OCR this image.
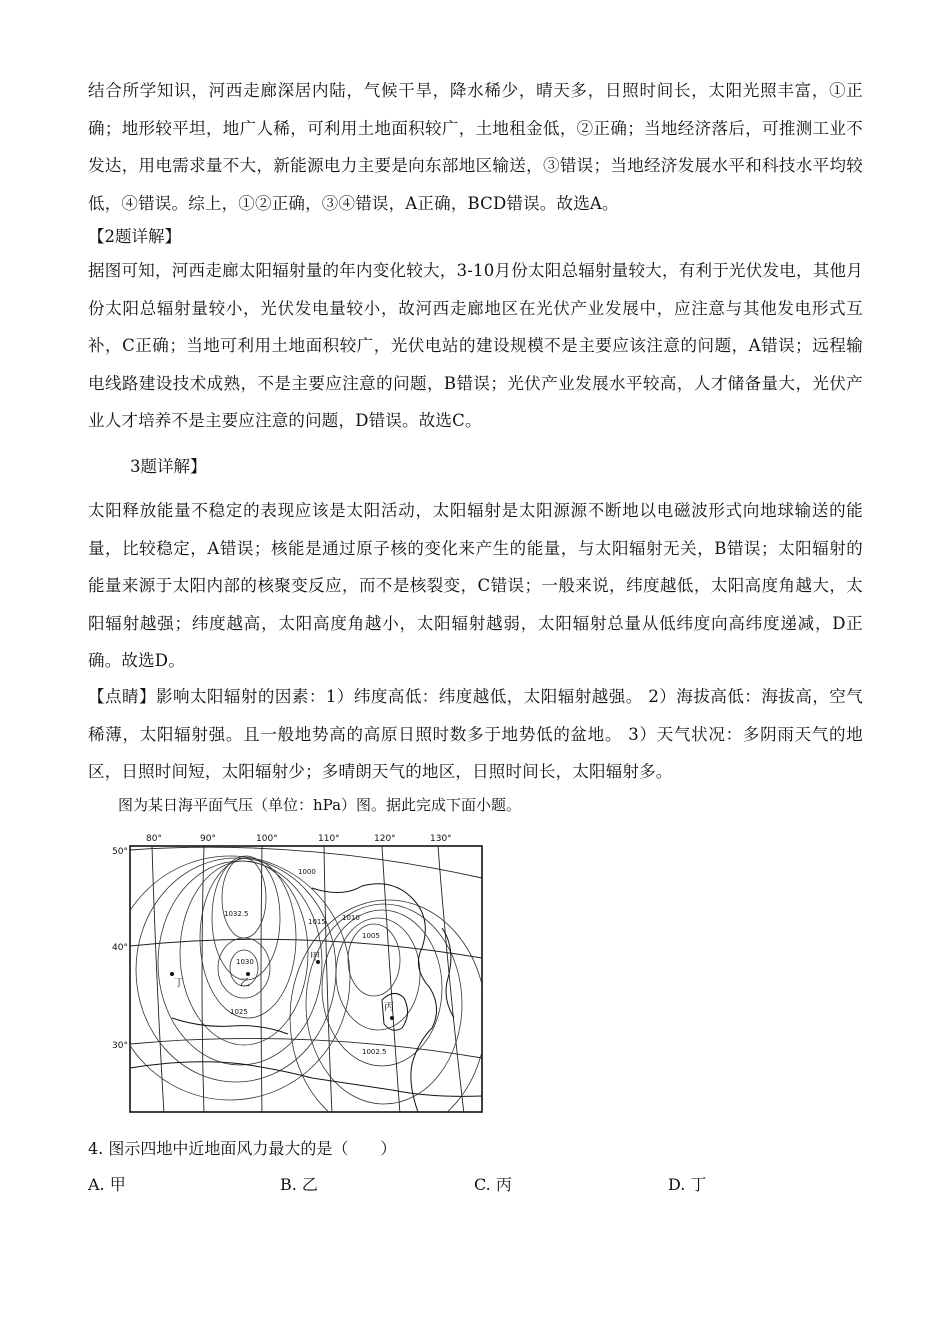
结合所学知识，河西走廊深居内陆，气候干旱，降水稀少，晴天多，日照时间长，太阳光照丰富，①正确；地形较平坦，地广人稀，可利用土地面积较广，土地租金低，②正确；当地经济落后，可推测工业不发达，用电需求量不大，新能源电力主要是向东部地区输送，③错误；当地经济发展水平和科技水平均较低，④错误。综上，①②正确，③④错误，A正确，BCD错误。故选A。
【2题详解】
据图可知，河西走廊太阳辐射量的年内变化较大，3-10月份太阳总辐射量较大，有利于光伏发电，其他月份太阳总辐射量较小，光伏发电量较小，故河西走廊地区在光伏产业发展中，应注意与其他发电形式互补，C正确；当地可利用土地面积较广，光伏电站的建设规模不是主要应该注意的问题，A错误；远程输电线路建设技术成熟，不是主要应注意的问题，B错误；光伏产业发展水平较高，人才储备量大，光伏产业人才培养不是主要应注意的问题，D错误。故选C。
3题详解】
太阳释放能量不稳定的表现应该是太阳活动，太阳辐射是太阳源源不断地以电磁波形式向地球输送的能量，比较稳定，A错误；核能是通过原子核的变化来产生的能量，与太阳辐射无关，B错误；太阳辐射的能量来源于太阳内部的核聚变反应，而不是核裂变，C错误；一般来说，纬度越低，太阳高度角越大，太阳辐射越强；纬度越高，太阳高度角越小，太阳辐射越弱，太阳辐射总量从低纬度向高纬度递减，D正确。故选D。
【点睛】影响太阳辐射的因素：1）纬度高低：纬度越低，太阳辐射越强。 2）海拔高低：海拔高，空气稀薄，太阳辐射强。且一般地势高的高原日照时数多于地势低的盆地。 3）天气状况：多阴雨天气的地区，日照时间短，太阳辐射少；多晴朗天气的地区，日照时间长，太阳辐射多。
图为某日海平面气压（单位：hPa）图。据此完成下面小题。
80°	90°	100°	110°	120°	130°
50°
40°
30°
1032.5
1030
1025
1015 1010
1005
1002.5
1000
乙
丁
丙
甲
4. 图示四地中近地面风力最大的是（　　）
A. 甲	B. 乙	C. 丙	D. 丁
